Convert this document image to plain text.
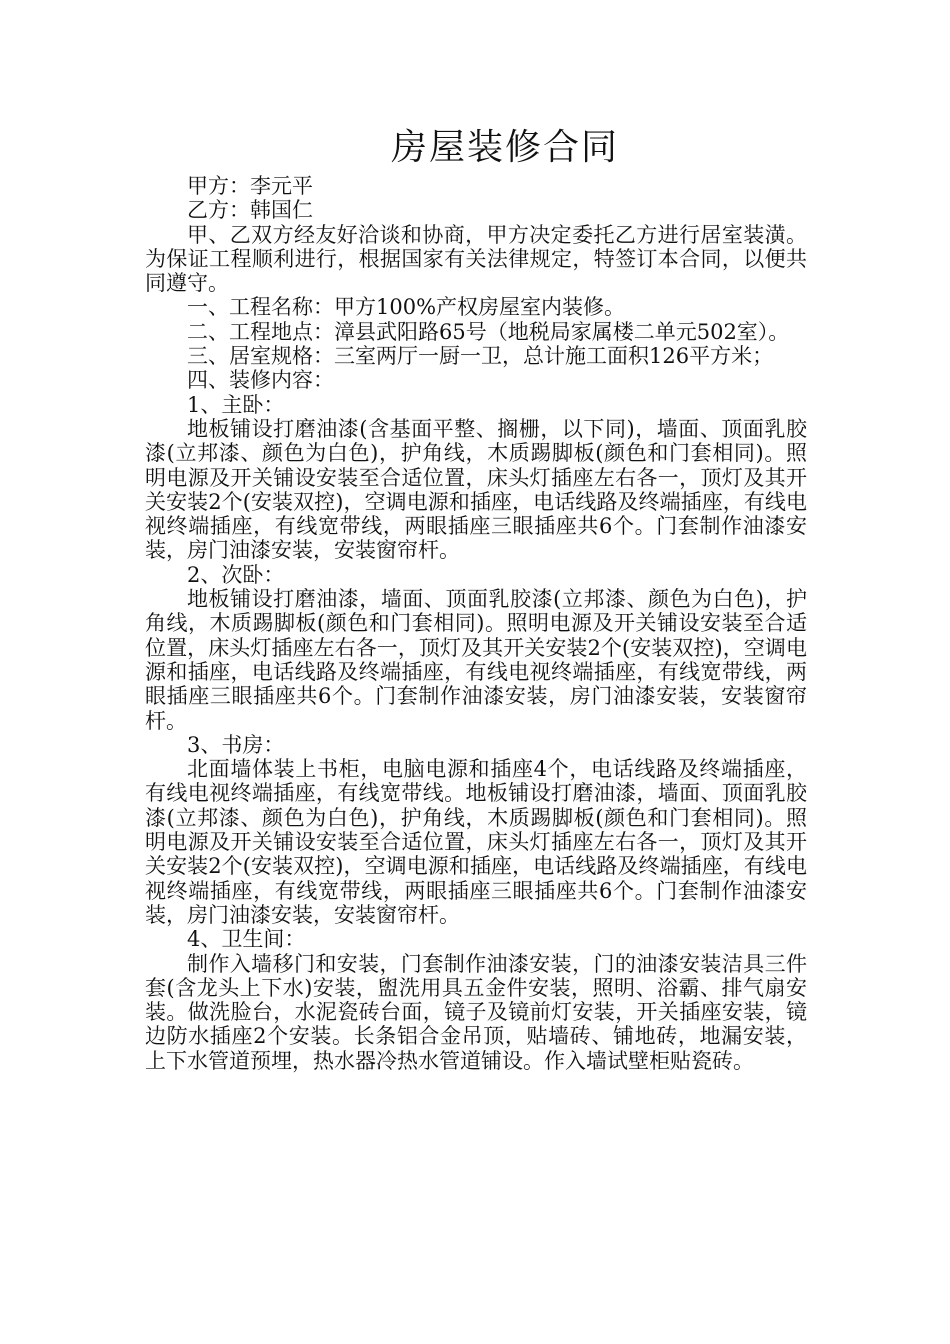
房屋装修合同

甲方：李元平

乙方：韩国仁

甲、乙双方经友好洽谈和协商，甲方决定委托乙方进行居室装潢。为保证工程顺利进行，根据国家有关法律规定，特签订本合同，以便共同遵守。

一、工程名称：甲方100%产权房屋室内装修。

二、工程地点：漳县武阳路65号（地税局家属楼二单元502室）。

三、居室规格：三室两厅一厨一卫，总计施工面积126平方米；

四、装修内容：

1、主卧：

地板铺设打磨油漆(含基面平整、搁栅，以下同)，墙面、顶面乳胶漆(立邦漆、颜色为白色)，护角线，木质踢脚板(颜色和门套相同)。照明电源及开关铺设安装至合适位置，床头灯插座左右各一，顶灯及其开关安装2个(安装双控)，空调电源和插座，电话线路及终端插座，有线电视终端插座，有线宽带线，两眼插座三眼插座共6个。门套制作油漆安装，房门油漆安装，安装窗帘杆。

2、次卧：

地板铺设打磨油漆，墙面、顶面乳胶漆(立邦漆、颜色为白色)，护角线，木质踢脚板(颜色和门套相同)。照明电源及开关铺设安装至合适位置，床头灯插座左右各一，顶灯及其开关安装2个(安装双控)，空调电源和插座，电话线路及终端插座，有线电视终端插座，有线宽带线，两眼插座三眼插座共6个。门套制作油漆安装，房门油漆安装，安装窗帘杆。

3、书房：

北面墙体装上书柜，电脑电源和插座4个，电话线路及终端插座，有线电视终端插座，有线宽带线。地板铺设打磨油漆，墙面、顶面乳胶漆(立邦漆、颜色为白色)，护角线，木质踢脚板(颜色和门套相同)。照明电源及开关铺设安装至合适位置，床头灯插座左右各一，顶灯及其开关安装2个(安装双控)，空调电源和插座，电话线路及终端插座，有线电视终端插座，有线宽带线，两眼插座三眼插座共6个。门套制作油漆安装，房门油漆安装，安装窗帘杆。

4、卫生间：

制作入墙移门和安装，门套制作油漆安装，门的油漆安装洁具三件套(含龙头上下水)安装，盥洗用具五金件安装，照明、浴霸、排气扇安装。做洗脸台，水泥瓷砖台面，镜子及镜前灯安装，开关插座安装，镜边防水插座2个安装。长条铝合金吊顶，贴墙砖、铺地砖，地漏安装，上下水管道预埋，热水器冷热水管道铺设。作入墙试壁柜贴瓷砖。
